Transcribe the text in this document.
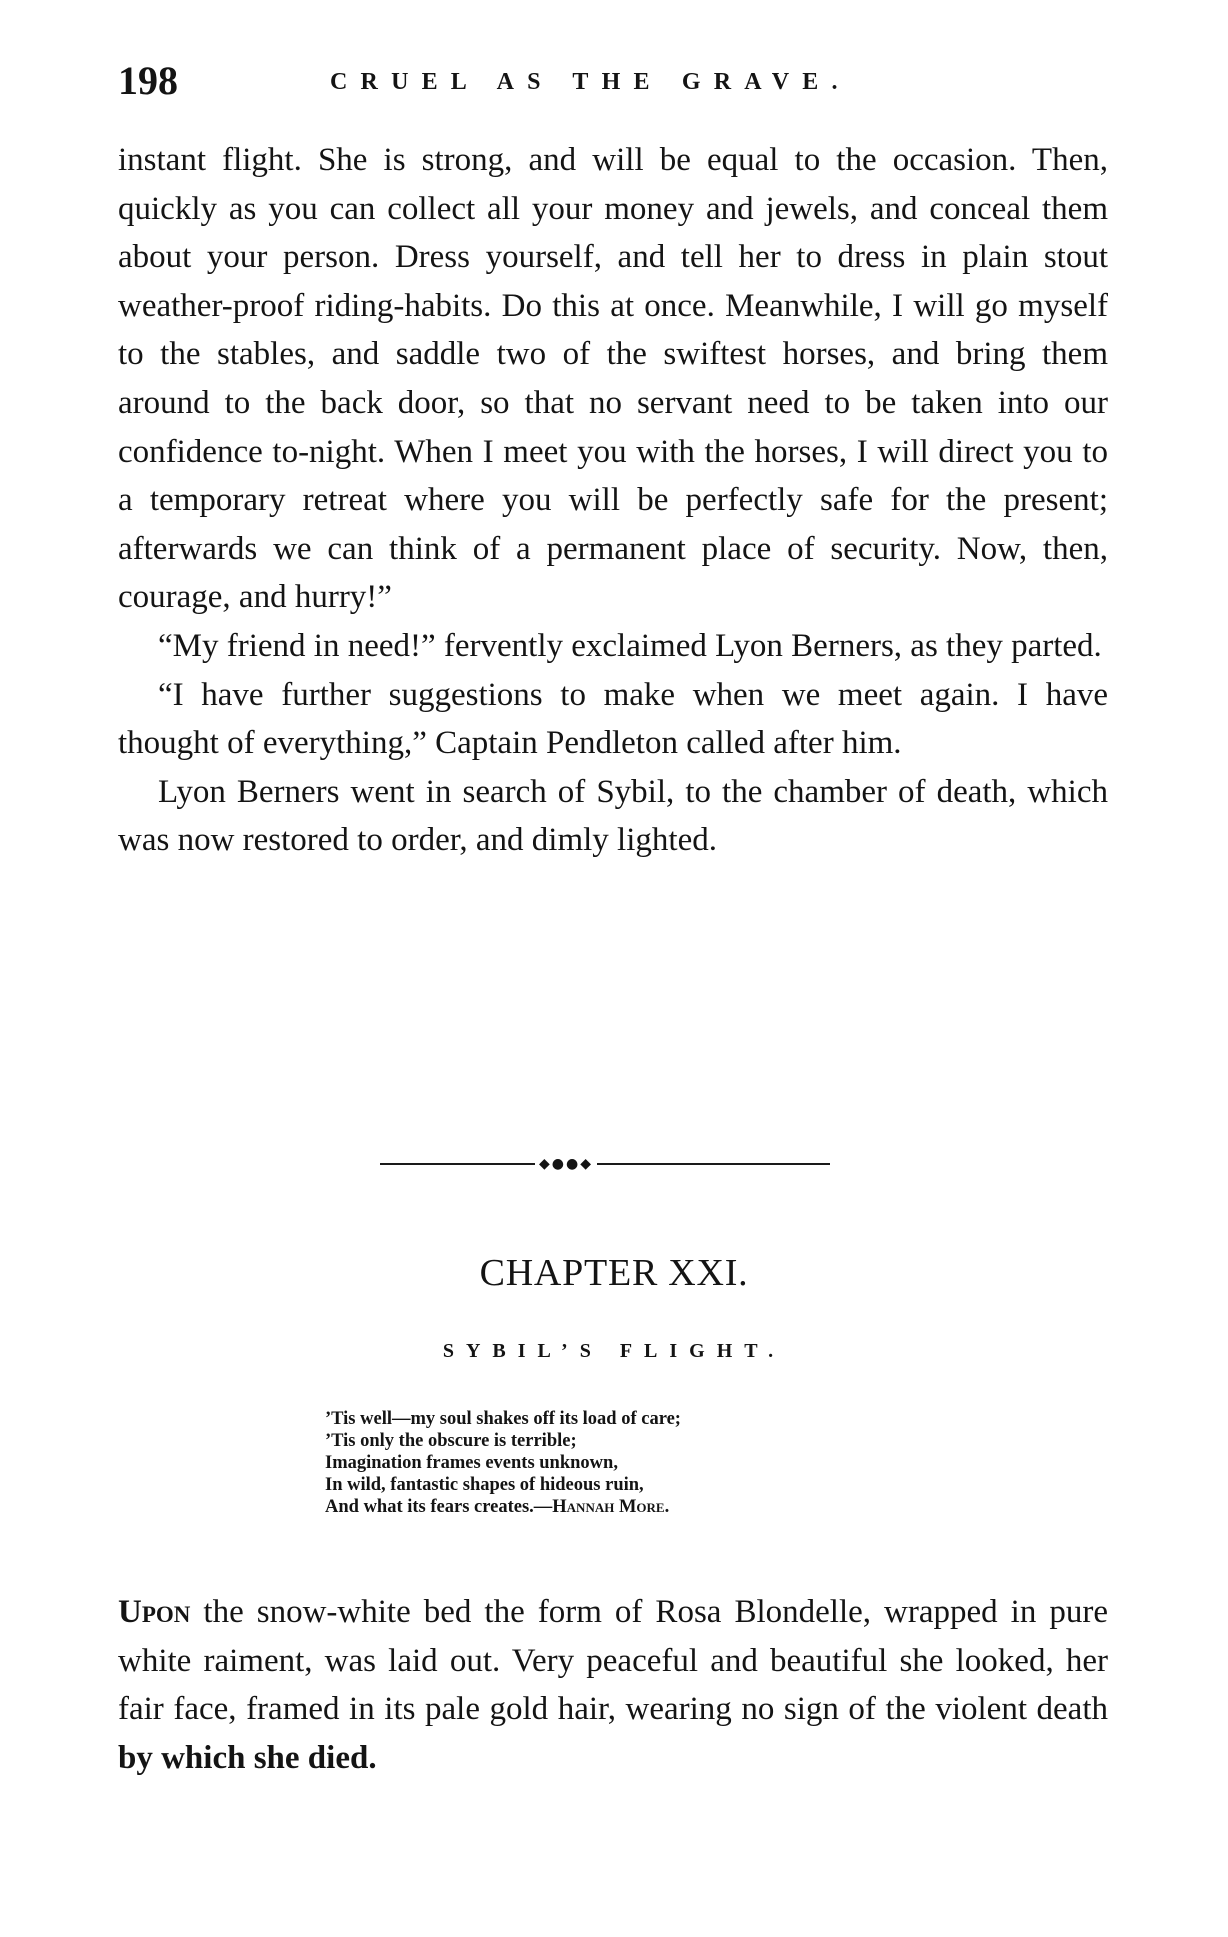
198	CRUEL AS THE GRAVE.

instant flight. She is strong, and will be equal to the occasion. Then, quickly as you can collect all your money and jewels, and conceal them about your person. Dress yourself, and tell her to dress in plain stout weather-proof riding-habits. Do this at once. Meanwhile, I will go myself to the stables, and saddle two of the swiftest horses, and bring them around to the back door, so that no servant need to be taken into our confidence to-night. When I meet you with the horses, I will direct you to a temporary retreat where you will be perfectly safe for the present; afterwards we can think of a permanent place of security. Now, then, courage, and hurry!”

“My friend in need!” fervently exclaimed Lyon Berners, as they parted.

“I have further suggestions to make when we meet again. I have thought of everything,” Captain Pendleton called after him.

Lyon Berners went in search of Sybil, to the chamber of death, which was now restored to order, and dimly lighted.

◆●●◆
CHAPTER XXI.
SYBIL’S FLIGHT.
’Tis well—my soul shakes off its load of care;
’Tis only the obscure is terrible;
Imagination frames events unknown,
In wild, fantastic shapes of hideous ruin,
And what its fears creates.—Hannah More.

Upon the snow-white bed the form of Rosa Blondelle, wrapped in pure white raiment, was laid out. Very peaceful and beautiful she looked, her fair face, framed in its pale gold hair, wearing no sign of the violent death by which she died.
